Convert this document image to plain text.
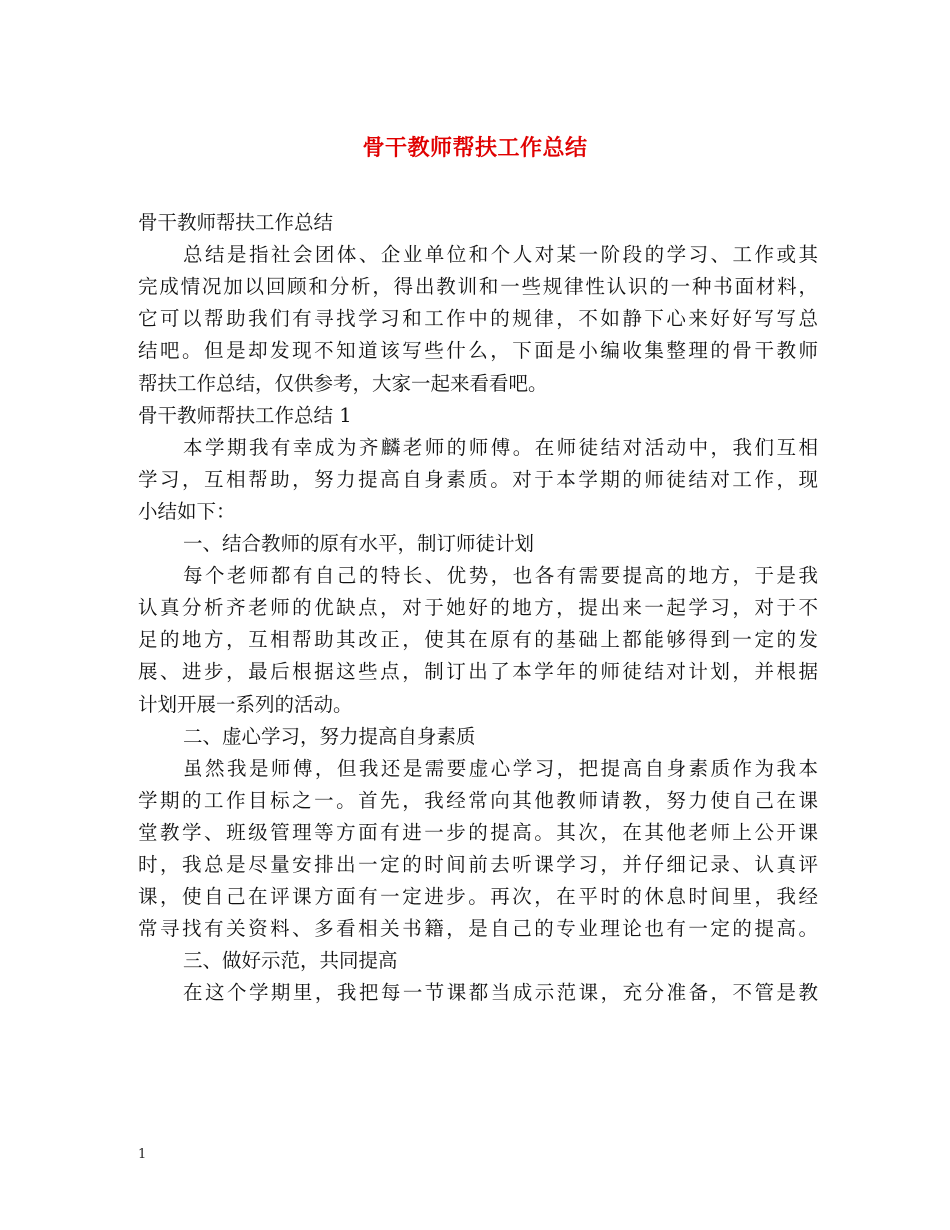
骨干教师帮扶工作总结
骨干教师帮扶工作总结
总结是指社会团体、企业单位和个人对某一阶段的学习、工作或其
完成情况加以回顾和分析，得出教训和一些规律性认识的一种书面材料，
它可以帮助我们有寻找学习和工作中的规律，不如静下心来好好写写总
结吧。但是却发现不知道该写些什么，下面是小编收集整理的骨干教师
帮扶工作总结，仅供参考，大家一起来看看吧。
骨干教师帮扶工作总结 1
本学期我有幸成为齐麟老师的师傅。在师徒结对活动中，我们互相
学习，互相帮助，努力提高自身素质。对于本学期的师徒结对工作，现
小结如下：
一、结合教师的原有水平，制订师徒计划
每个老师都有自己的特长、优势，也各有需要提高的地方，于是我
认真分析齐老师的优缺点，对于她好的地方，提出来一起学习，对于不
足的地方，互相帮助其改正，使其在原有的基础上都能够得到一定的发
展、进步，最后根据这些点，制订出了本学年的师徒结对计划，并根据
计划开展一系列的活动。
二、虚心学习，努力提高自身素质
虽然我是师傅，但我还是需要虚心学习，把提高自身素质作为我本
学期的工作目标之一。首先，我经常向其他教师请教，努力使自己在课
堂教学、班级管理等方面有进一步的提高。其次，在其他老师上公开课
时，我总是尽量安排出一定的时间前去听课学习，并仔细记录、认真评
课，使自己在评课方面有一定进步。再次，在平时的休息时间里，我经
常寻找有关资料、多看相关书籍，是自己的专业理论也有一定的提高。
三、做好示范，共同提高
在这个学期里，我把每一节课都当成示范课，充分准备，不管是教
1
